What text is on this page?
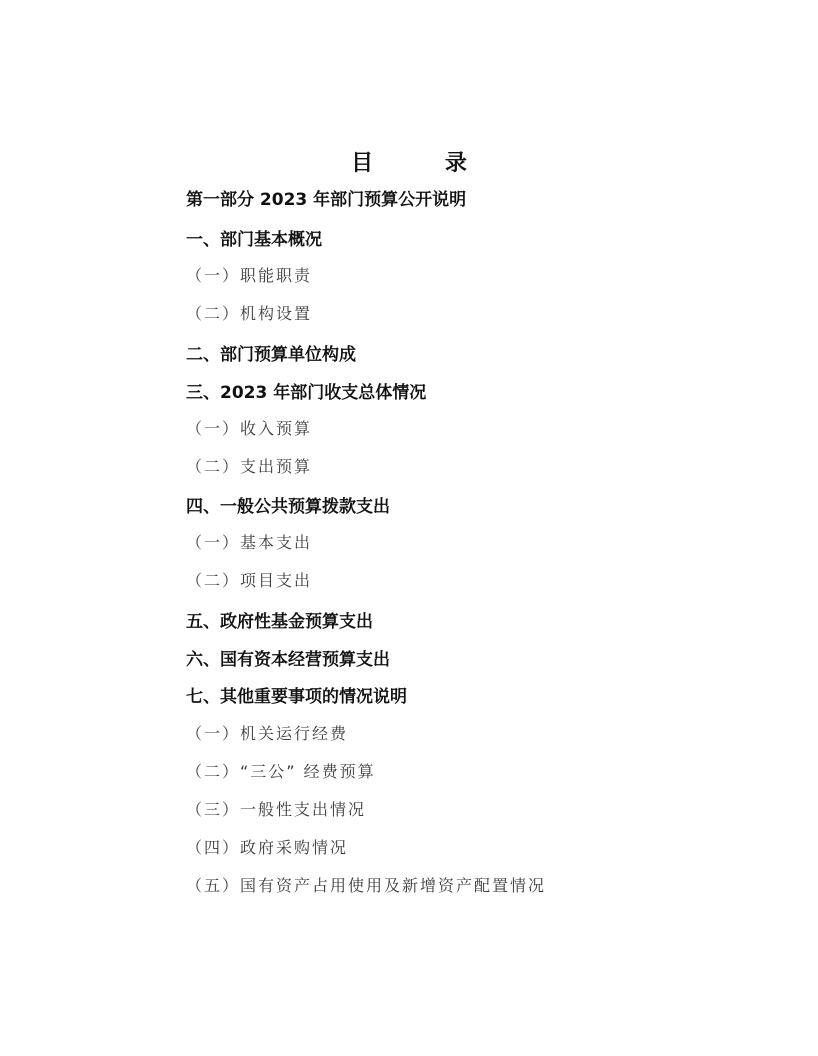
目 录
第一部分 2023 年部门预算公开说明
一、部门基本概况
（一）职能职责
（二）机构设置
二、部门预算单位构成
三、2023 年部门收支总体情况
（一）收入预算
（二）支出预算
四、一般公共预算拨款支出
（一）基本支出
（二）项目支出
五、政府性基金预算支出
六、国有资本经营预算支出
七、其他重要事项的情况说明
（一）机关运行经费
（二）“三公” 经费预算
（三）一般性支出情况
（四）政府采购情况
（五）国有资产占用使用及新增资产配置情况
